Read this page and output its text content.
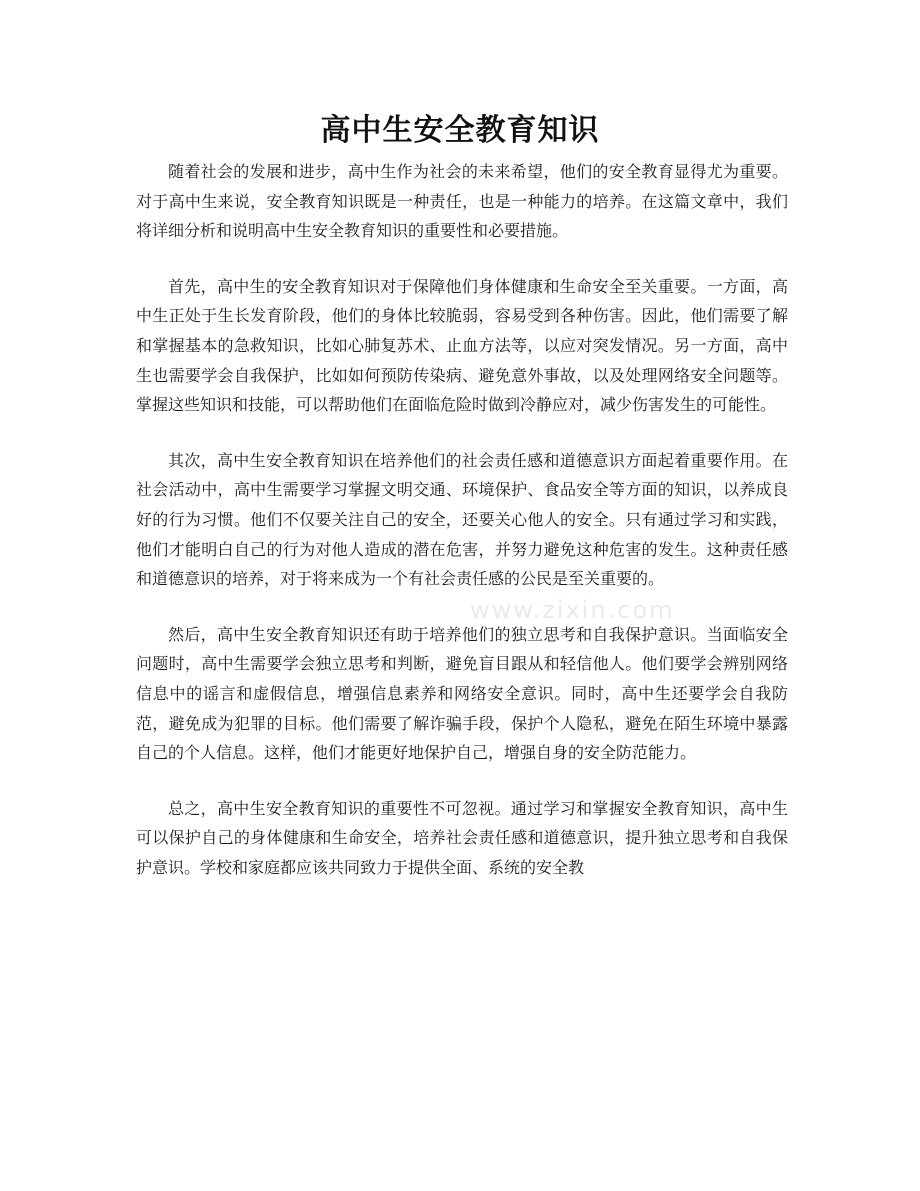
高中生安全教育知识

随着社会的发展和进步，高中生作为社会的未来希望，他们的安全教育显得尤为重要。对于高中生来说，安全教育知识既是一种责任，也是一种能力的培养。在这篇文章中，我们将详细分析和说明高中生安全教育知识的重要性和必要措施。

首先，高中生的安全教育知识对于保障他们身体健康和生命安全至关重要。一方面，高中生正处于生长发育阶段，他们的身体比较脆弱，容易受到各种伤害。因此，他们需要了解和掌握基本的急救知识，比如心肺复苏术、止血方法等，以应对突发情况。另一方面，高中生也需要学会自我保护，比如如何预防传染病、避免意外事故，以及处理网络安全问题等。掌握这些知识和技能，可以帮助他们在面临危险时做到冷静应对，减少伤害发生的可能性。

其次，高中生安全教育知识在培养他们的社会责任感和道德意识方面起着重要作用。在社会活动中，高中生需要学习掌握文明交通、环境保护、食品安全等方面的知识，以养成良好的行为习惯。他们不仅要关注自己的安全，还要关心他人的安全。只有通过学习和实践，他们才能明白自己的行为对他人造成的潜在危害，并努力避免这种危害的发生。这种责任感和道德意识的培养，对于将来成为一个有社会责任感的公民是至关重要的。

然后，高中生安全教育知识还有助于培养他们的独立思考和自我保护意识。当面临安全问题时，高中生需要学会独立思考和判断，避免盲目跟从和轻信他人。他们要学会辨别网络信息中的谣言和虚假信息，增强信息素养和网络安全意识。同时，高中生还要学会自我防范，避免成为犯罪的目标。他们需要了解诈骗手段，保护个人隐私，避免在陌生环境中暴露自己的个人信息。这样，他们才能更好地保护自己，增强自身的安全防范能力。

总之，高中生安全教育知识的重要性不可忽视。通过学习和掌握安全教育知识，高中生可以保护自己的身体健康和生命安全，培养社会责任感和道德意识，提升独立思考和自我保护意识。学校和家庭都应该共同致力于提供全面、系统的安全教

www.zixin.com
